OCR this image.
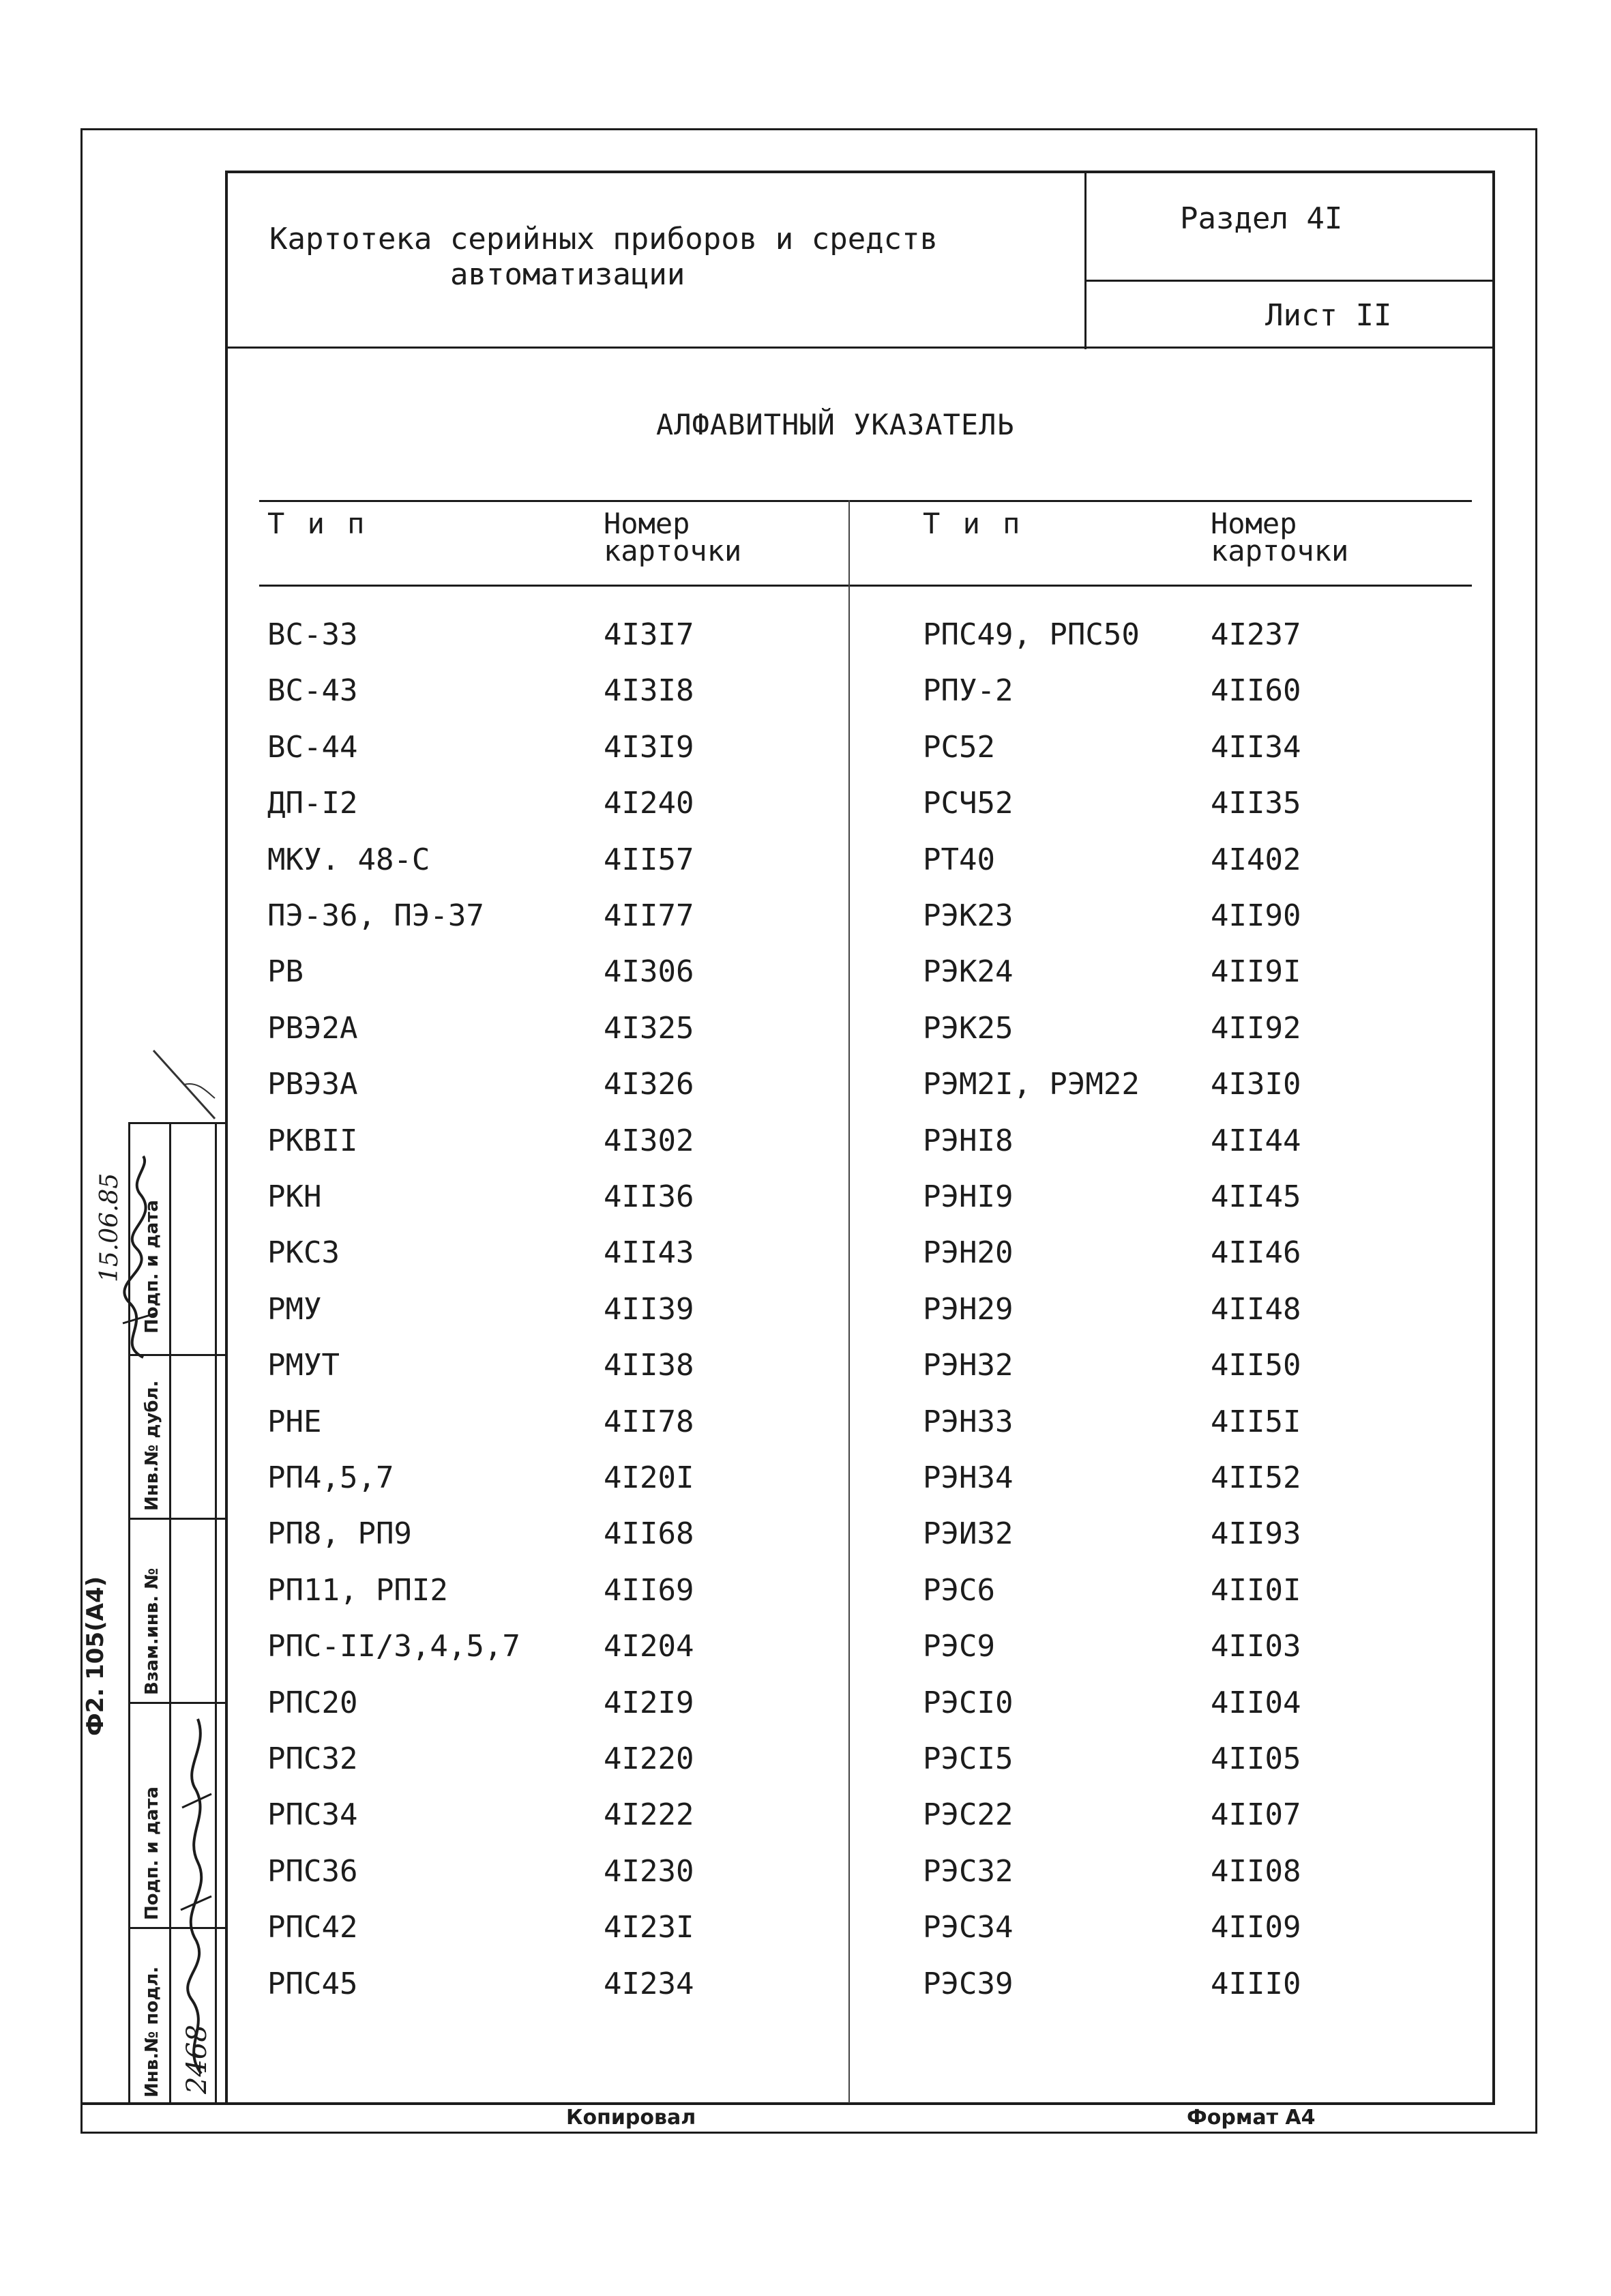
Картотека серийных приборов и средств
автоматизации
Раздел 4I
Лист II
АЛФАВИТНЫЙ УКАЗАТЕЛЬ
Т и п	Номер
карточки
Т и п	Номер
карточки
ВС-33	4I3I7
ВС-43	4I3I8
ВС-44	4I3I9
ДП-I2	4I240
МКУ. 48-С	4II57
ПЭ-36, ПЭ-37	4II77
РВ	4I306
РВЭ2А	4I325
РВЭ3А	4I326
РКВII	4I302
РКН	4II36
РКС3	4II43
РМУ	4II39
РМУТ	4II38
РНЕ	4II78
РП4,5,7	4I20I
РП8, РП9	4II68
РП11, РПI2	4II69
РПС-II/3,4,5,7	4I204
РПС20	4I2I9
РПС32	4I220
РПС34	4I222
РПС36	4I230
РПС42	4I23I
РПС45	4I234
РПС49, РПС50 4I237
РПУ-2	4II60
РС52	4II34
РСЧ52	4II35
РТ40	4I402
РЭК23	4II90
РЭК24	4II9I
РЭК25	4II92
РЭМ2I, РЭМ22 4I3I0
РЭНI8	4II44
РЭНI9	4II45
РЭН20	4II46
РЭН29	4II48
РЭН32	4II50
РЭН33	4II5I
РЭН34	4II52
РЭИ32	4II93
РЭС6	4II0I
РЭС9	4II03
РЭСI0	4II04
РЭСI5	4II05
РЭС22	4II07
РЭС32	4II08
РЭС34	4II09
РЭС39	4III0
Подп. и дата
Инв.№ дубл.
Взам.инв. №
Подп. и дата
Инв.№ подл. 2468-
15.06.85
Ф2. 105(А4)
Копировал	Формат А4
